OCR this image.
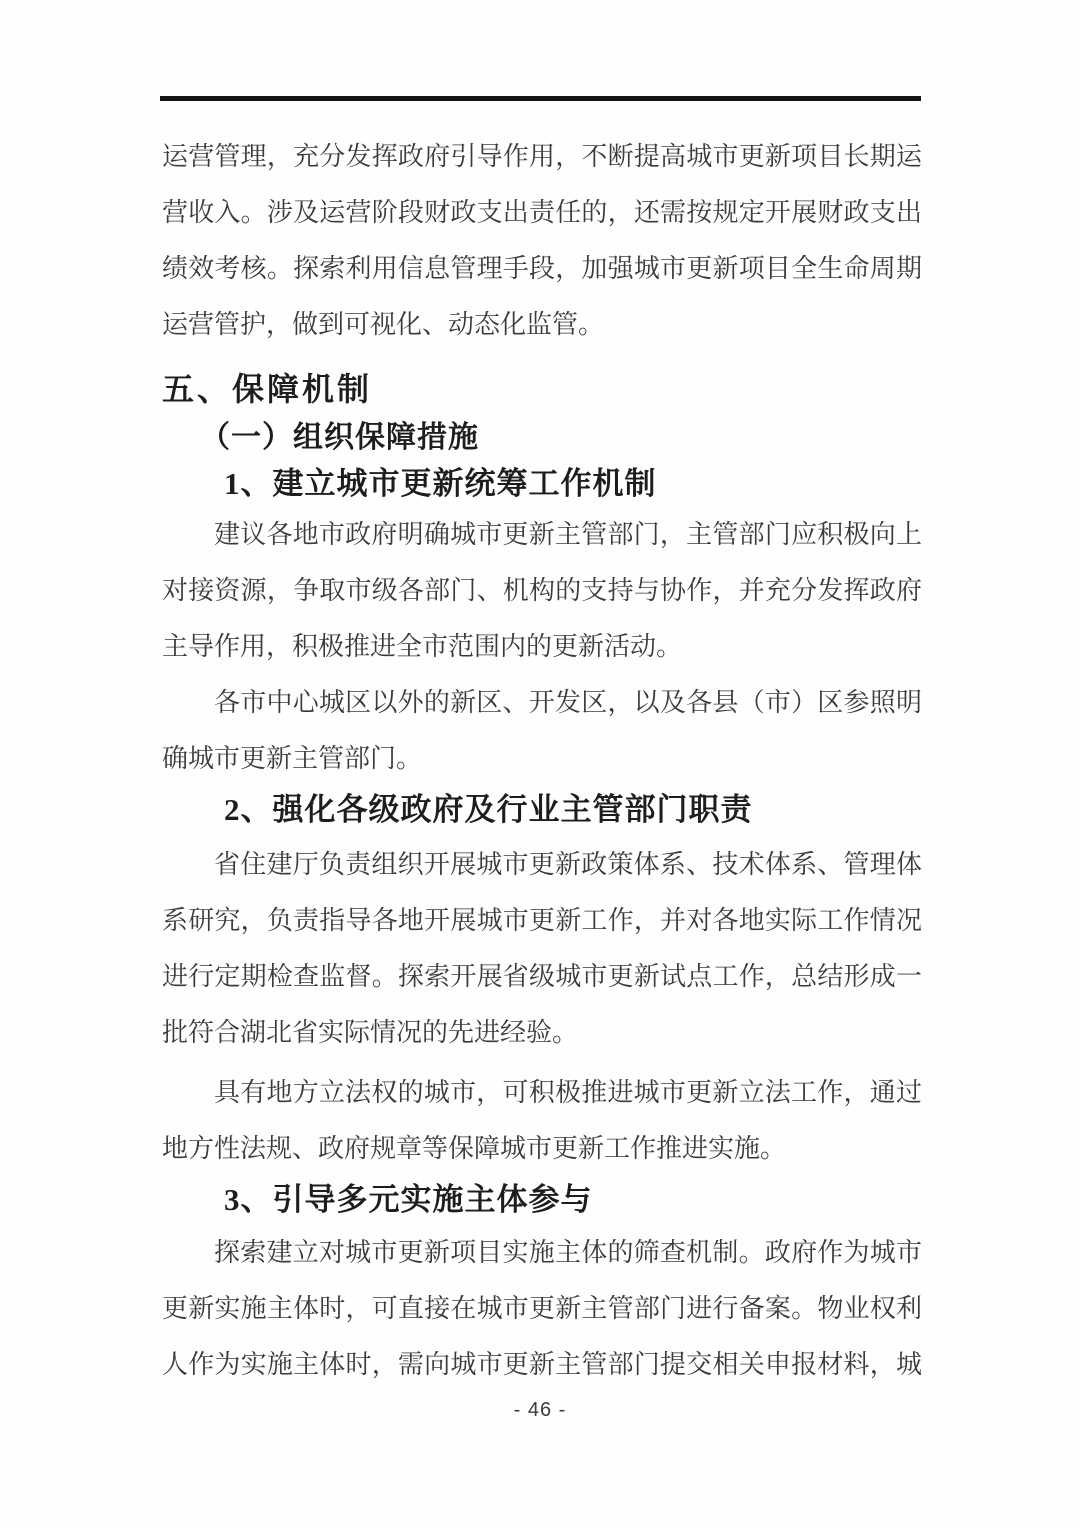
运营管理，充分发挥政府引导作用，不断提高城市更新项目长期运
营收入。涉及运营阶段财政支出责任的，还需按规定开展财政支出
绩效考核。探索利用信息管理手段，加强城市更新项目全生命周期
运营管护，做到可视化、动态化监管。
五、保障机制
（一）组织保障措施
1、建立城市更新统筹工作机制
建议各地市政府明确城市更新主管部门，主管部门应积极向上
对接资源，争取市级各部门、机构的支持与协作，并充分发挥政府
主导作用，积极推进全市范围内的更新活动。
各市中心城区以外的新区、开发区，以及各县（市）区参照明
确城市更新主管部门。
2、强化各级政府及行业主管部门职责
省住建厅负责组织开展城市更新政策体系、技术体系、管理体
系研究，负责指导各地开展城市更新工作，并对各地实际工作情况
进行定期检查监督。探索开展省级城市更新试点工作，总结形成一
批符合湖北省实际情况的先进经验。
具有地方立法权的城市，可积极推进城市更新立法工作，通过
地方性法规、政府规章等保障城市更新工作推进实施。
3、引导多元实施主体参与
探索建立对城市更新项目实施主体的筛查机制。政府作为城市
更新实施主体时，可直接在城市更新主管部门进行备案。物业权利
人作为实施主体时，需向城市更新主管部门提交相关申报材料，城
- 46 -
